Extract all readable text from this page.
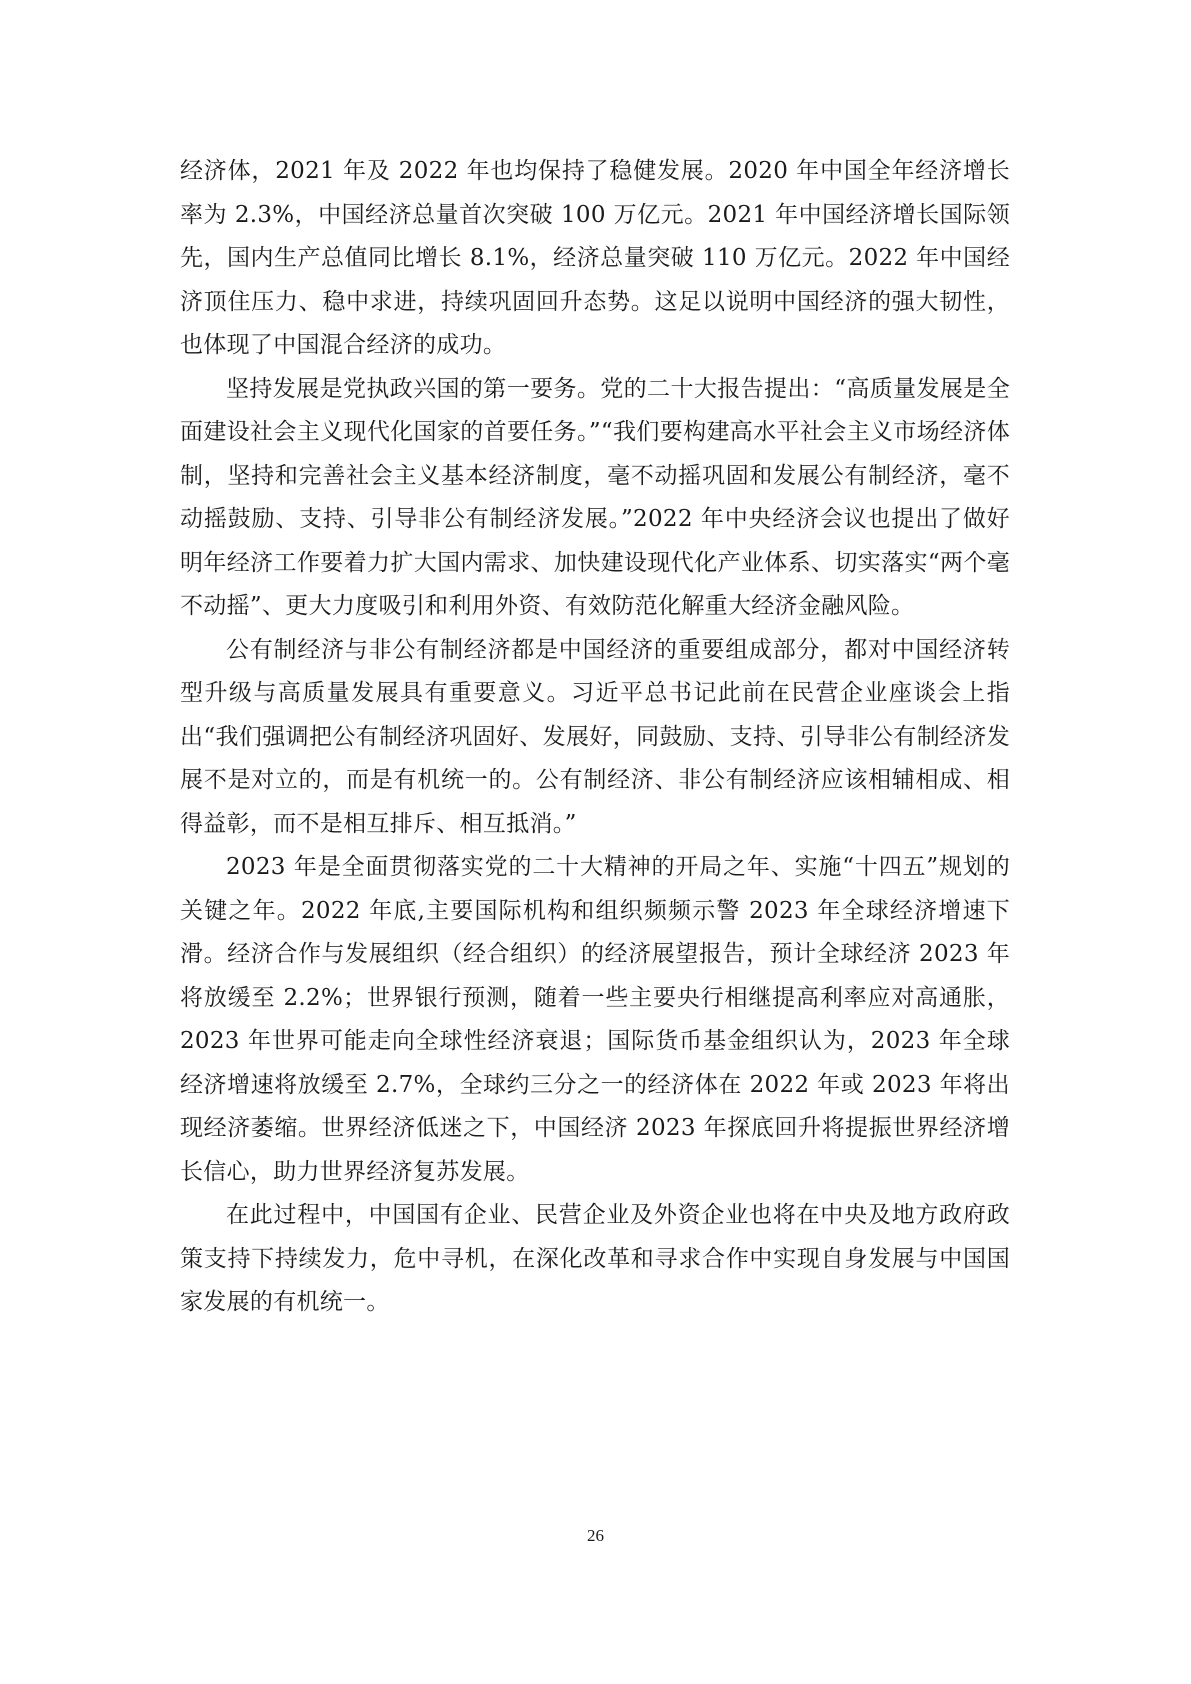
经济体，2021 年及 2022 年也均保持了稳健发展。2020 年中国全年经济增长率为 2.3%，中国经济总量首次突破 100 万亿元。2021 年中国经济增长国际领先，国内生产总值同比增长 8.1%，经济总量突破 110 万亿元。2022 年中国经济顶住压力、稳中求进，持续巩固回升态势。这足以说明中国经济的强大韧性，也体现了中国混合经济的成功。

坚持发展是党执政兴国的第一要务。党的二十大报告提出：“高质量发展是全面建设社会主义现代化国家的首要任务。”“我们要构建高水平社会主义市场经济体制，坚持和完善社会主义基本经济制度，毫不动摇巩固和发展公有制经济，毫不动摇鼓励、支持、引导非公有制经济发展。”2022 年中央经济会议也提出了做好明年经济工作要着力扩大国内需求、加快建设现代化产业体系、切实落实“两个毫不动摇”、更大力度吸引和利用外资、有效防范化解重大经济金融风险。

公有制经济与非公有制经济都是中国经济的重要组成部分，都对中国经济转型升级与高质量发展具有重要意义。习近平总书记此前在民营企业座谈会上指出“我们强调把公有制经济巩固好、发展好，同鼓励、支持、引导非公有制经济发展不是对立的，而是有机统一的。公有制经济、非公有制经济应该相辅相成、相得益彰，而不是相互排斥、相互抵消。”

2023 年是全面贯彻落实党的二十大精神的开局之年、实施“十四五”规划的关键之年。2022 年底,主要国际机构和组织频频示警 2023 年全球经济增速下滑。经济合作与发展组织（经合组织）的经济展望报告，预计全球经济 2023 年将放缓至 2.2%；世界银行预测，随着一些主要央行相继提高利率应对高通胀，2023 年世界可能走向全球性经济衰退；国际货币基金组织认为，2023 年全球经济增速将放缓至 2.7%，全球约三分之一的经济体在 2022 年或 2023 年将出现经济萎缩。世界经济低迷之下，中国经济 2023 年探底回升将提振世界经济增长信心，助力世界经济复苏发展。

在此过程中，中国国有企业、民营企业及外资企业也将在中央及地方政府政策支持下持续发力，危中寻机，在深化改革和寻求合作中实现自身发展与中国国家发展的有机统一。

26
